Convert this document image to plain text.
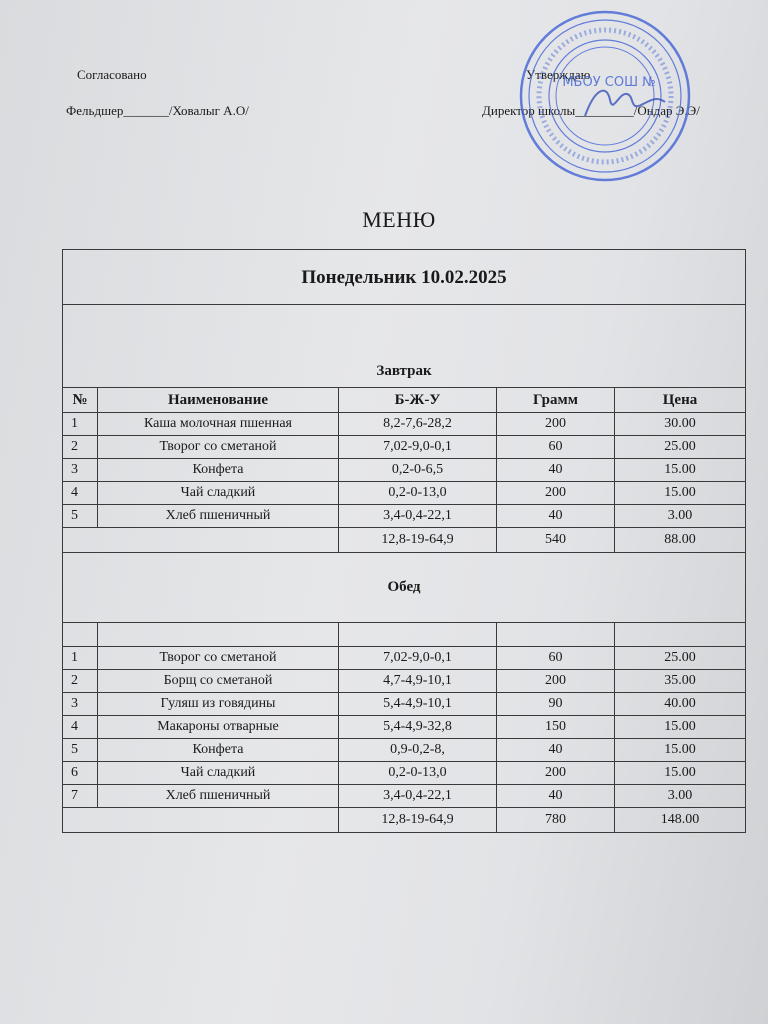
Согласовано
Фельдшер_______/Ховалыг А.О/
Утверждаю
Директор школы_________/Ондар Э.Э/
МБОУ СОШ №
МЕНЮ
Понедельник 10.02.2025				
Завтрак				
№	Наименование	Б-Ж-У	Грамм	Цена
1	Каша молочная пшенная	8,2-7,6-28,2	200	30.00
2	Творог со сметаной	7,02-9,0-0,1	60	25.00
3	Конфета	0,2-0-6,5	40	15.00
4	Чай сладкий	0,2-0-13,0	200	15.00
5	Хлеб пшеничный	3,4-0,4-22,1	40	3.00
		12,8-19-64,9	540	88.00
Обед				

1	Творог со сметаной	7,02-9,0-0,1	60	25.00
2	Борщ со сметаной	4,7-4,9-10,1	200	35.00
3	Гуляш из говядины	5,4-4,9-10,1	90	40.00
4	Макароны отварные	5,4-4,9-32,8	150	15.00
5	Конфета	0,9-0,2-8,	40	15.00
6	Чай сладкий	0,2-0-13,0	200	15.00
7	Хлеб пшеничный	3,4-0,4-22,1	40	3.00
		12,8-19-64,9	780	148.00
